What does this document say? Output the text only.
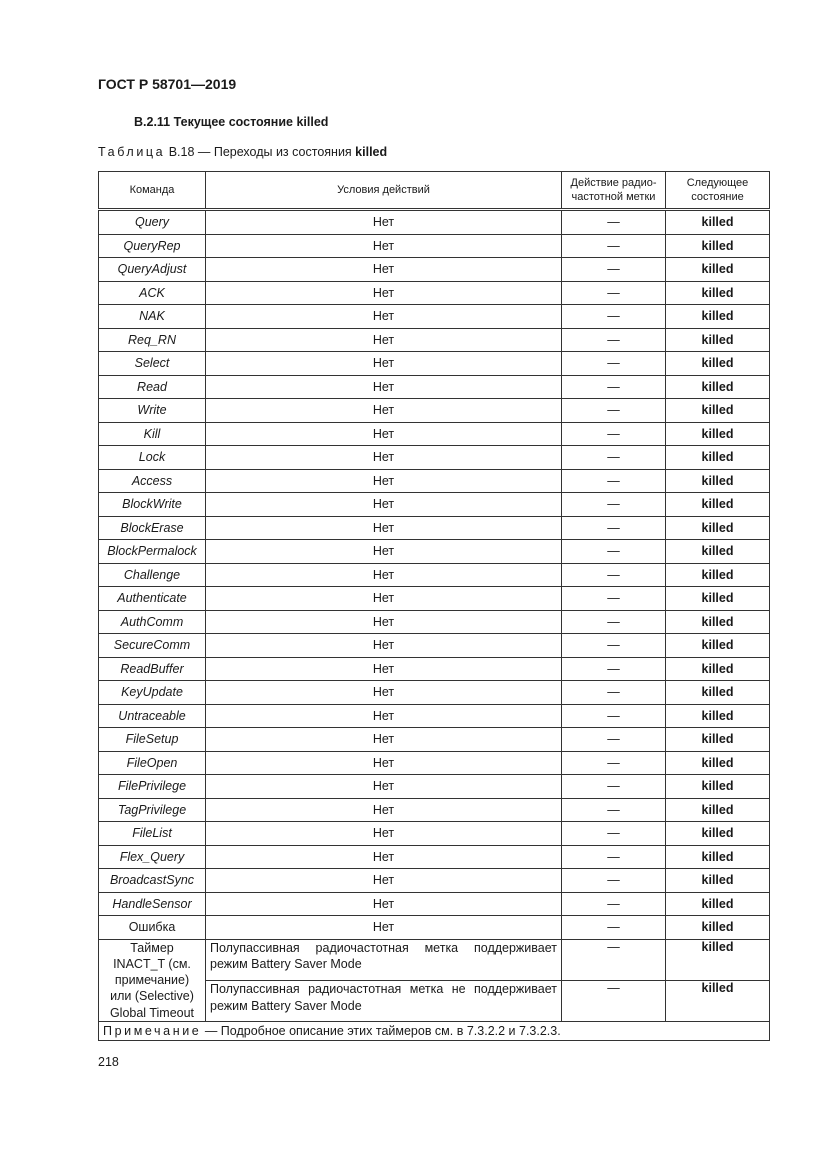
ГОСТ Р 58701—2019
B.2.11 Текущее состояние killed
Таблица B.18 — Переходы из состояния killed
Команда	Условия действий	Действие радио-частотной метки	Следующее состояние
Query	Нет	—	killed
QueryRep	Нет	—	killed
QueryAdjust	Нет	—	killed
ACK	Нет	—	killed
NAK	Нет	—	killed
Req_RN	Нет	—	killed
Select	Нет	—	killed
Read	Нет	—	killed
Write	Нет	—	killed
Kill	Нет	—	killed
Lock	Нет	—	killed
Access	Нет	—	killed
BlockWrite	Нет	—	killed
BlockErase	Нет	—	killed
BlockPermalock	Нет	—	killed
Challenge	Нет	—	killed
Authenticate	Нет	—	killed
AuthComm	Нет	—	killed
SecureComm	Нет	—	killed
ReadBuffer	Нет	—	killed
KeyUpdate	Нет	—	killed
Untraceable	Нет	—	killed
FileSetup	Нет	—	killed
FileOpen	Нет	—	killed
FilePrivilege	Нет	—	killed
TagPrivilege	Нет	—	killed
FileList	Нет	—	killed
Flex_Query	Нет	—	killed
BroadcastSync	Нет	—	killed
HandleSensor	Нет	—	killed
Ошибка	Нет	—	killed
Таймер INACT_T (см. примечание) или (Selective) Global Timeout	Полупассивная радиочастотная метка поддерживает режим Battery Saver Mode	—	killed
	Полупассивная радиочастотная метка не поддерживает режим Battery Saver Mode	—	killed
Примечание — Подробное описание этих таймеров см. в 7.3.2.2 и 7.3.2.3.			
218
